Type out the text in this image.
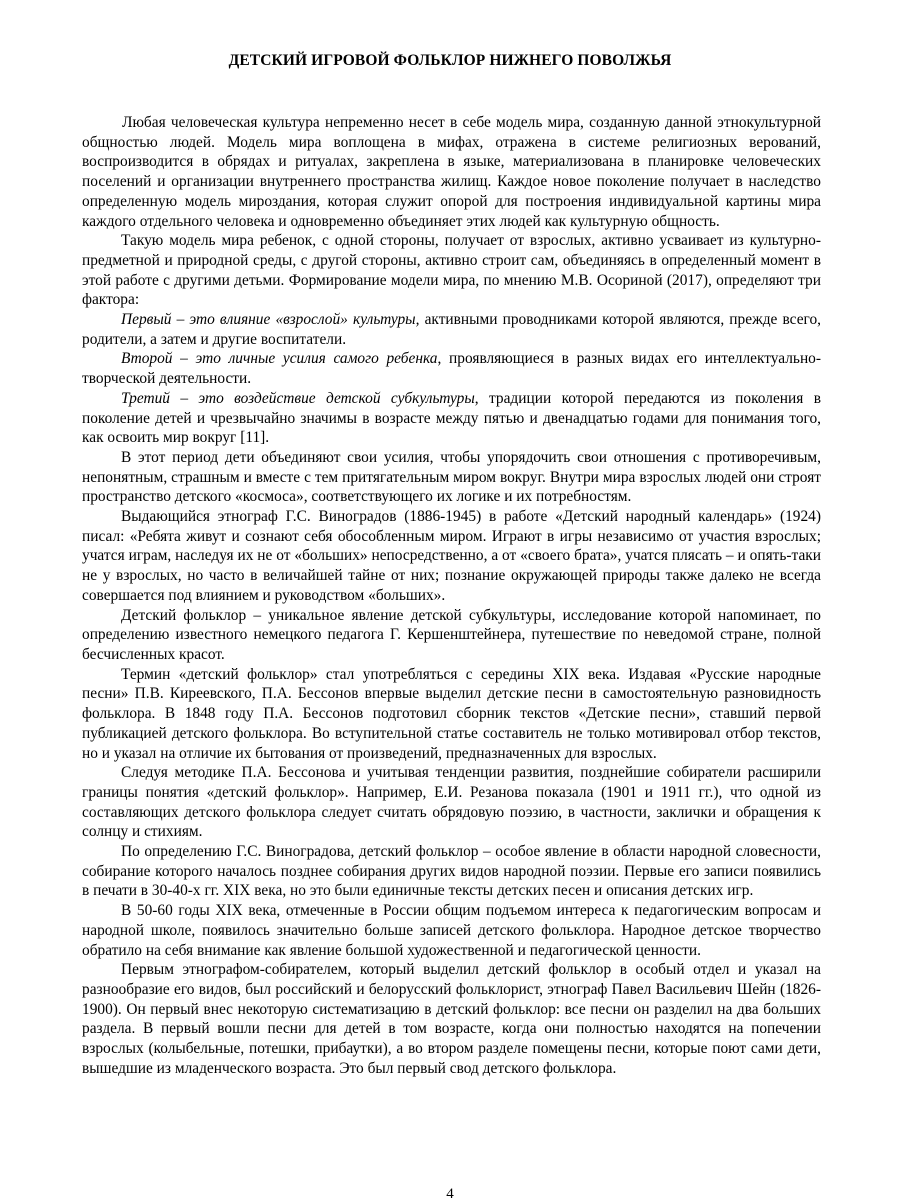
ДЕТСКИЙ ИГРОВОЙ ФОЛЬКЛОР НИЖНЕГО ПОВОЛЖЬЯ

Любая человеческая культура непременно несет в себе модель мира, созданную данной этнокультурной общностью людей. Модель мира воплощена в мифах, отражена в системе религиозных верований, воспроизводится в обрядах и ритуалах, закреплена в языке, материализована в планировке человеческих поселений и организации внутреннего пространства жилищ. Каждое новое поколение получает в наследство определенную модель мироздания, которая служит опорой для построения индивидуальной картины мира каждого отдельного человека и одновременно объединяет этих людей как культурную общность.

Такую модель мира ребенок, с одной стороны, получает от взрослых, активно усваивает из культурно-предметной и природной среды, с другой стороны, активно строит сам, объединяясь в определенный момент в этой работе с другими детьми. Формирование модели мира, по мнению М.В. Осориной (2017), определяют три фактора:

Первый – это влияние «взрослой» культуры, активными проводниками которой являются, прежде всего, родители, а затем и другие воспитатели.

Второй – это личные усилия самого ребенка, проявляющиеся в разных видах его интеллектуально-творческой деятельности.

Третий – это воздействие детской субкультуры, традиции которой передаются из поколения в поколение детей и чрезвычайно значимы в возрасте между пятью и двенадцатью годами для понимания того, как освоить мир вокруг [11].

В этот период дети объединяют свои усилия, чтобы упорядочить свои отношения с противоречивым, непонятным, страшным и вместе с тем притягательным миром вокруг. Внутри мира взрослых людей они строят пространство детского «космоса», соответствующего их логике и их потребностям.

Выдающийся этнограф Г.С. Виноградов (1886-1945) в работе «Детский народный календарь» (1924) писал: «Ребята живут и сознают себя обособленным миром. Играют в игры независимо от участия взрослых; учатся играм, наследуя их не от «больших» непосредственно, а от «своего брата», учатся плясать – и опять-таки не у взрослых, но часто в величайшей тайне от них; познание окружающей природы также далеко не всегда совершается под влиянием и руководством «больших».

Детский фольклор – уникальное явление детской субкультуры, исследование которой напоминает, по определению известного немецкого педагога Г. Кершенштейнера, путешествие по неведомой стране, полной бесчисленных красот.

Термин «детский фольклор» стал употребляться с середины XIX века. Издавая «Русские народные песни» П.В. Киреевского, П.А. Бессонов впервые выделил детские песни в самостоятельную разновидность фольклора. В 1848 году П.А. Бессонов подготовил сборник текстов «Детские песни», ставший первой публикацией детского фольклора. Во вступительной статье составитель не только мотивировал отбор текстов, но и указал на отличие их бытования от произведений, предназначенных для взрослых.

Следуя методике П.А. Бессонова и учитывая тенденции развития, позднейшие собиратели расширили границы понятия «детский фольклор». Например, Е.И. Резанова показала (1901 и 1911 гг.), что одной из составляющих детского фольклора следует считать обрядовую поэзию, в частности, заклички и обращения к солнцу и стихиям.

По определению Г.С. Виноградова, детский фольклор – особое явление в области народной словесности, собирание которого началось позднее собирания других видов народной поэзии. Первые его записи появились в печати в 30-40-х гг. XIX века, но это были единичные тексты детских песен и описания детских игр.

В 50-60 годы XIX века, отмеченные в России общим подъемом интереса к педагогическим вопросам и народной школе, появилось значительно больше записей детского фольклора. Народное детское творчество обратило на себя внимание как явление большой художественной и педагогической ценности.

Первым этнографом-собирателем, который выделил детский фольклор в особый отдел и указал на разнообразие его видов, был российский и белорусский фольклорист, этнограф Павел Васильевич Шейн (1826-1900). Он первый внес некоторую систематизацию в детский фольклор: все песни он разделил на два больших раздела. В первый вошли песни для детей в том возрасте, когда они полностью находятся на попечении взрослых (колыбельные, потешки, прибаутки), а во втором разделе помещены песни, которые поют сами дети, вышедшие из младенческого возраста. Это был первый свод детского фольклора.

4
